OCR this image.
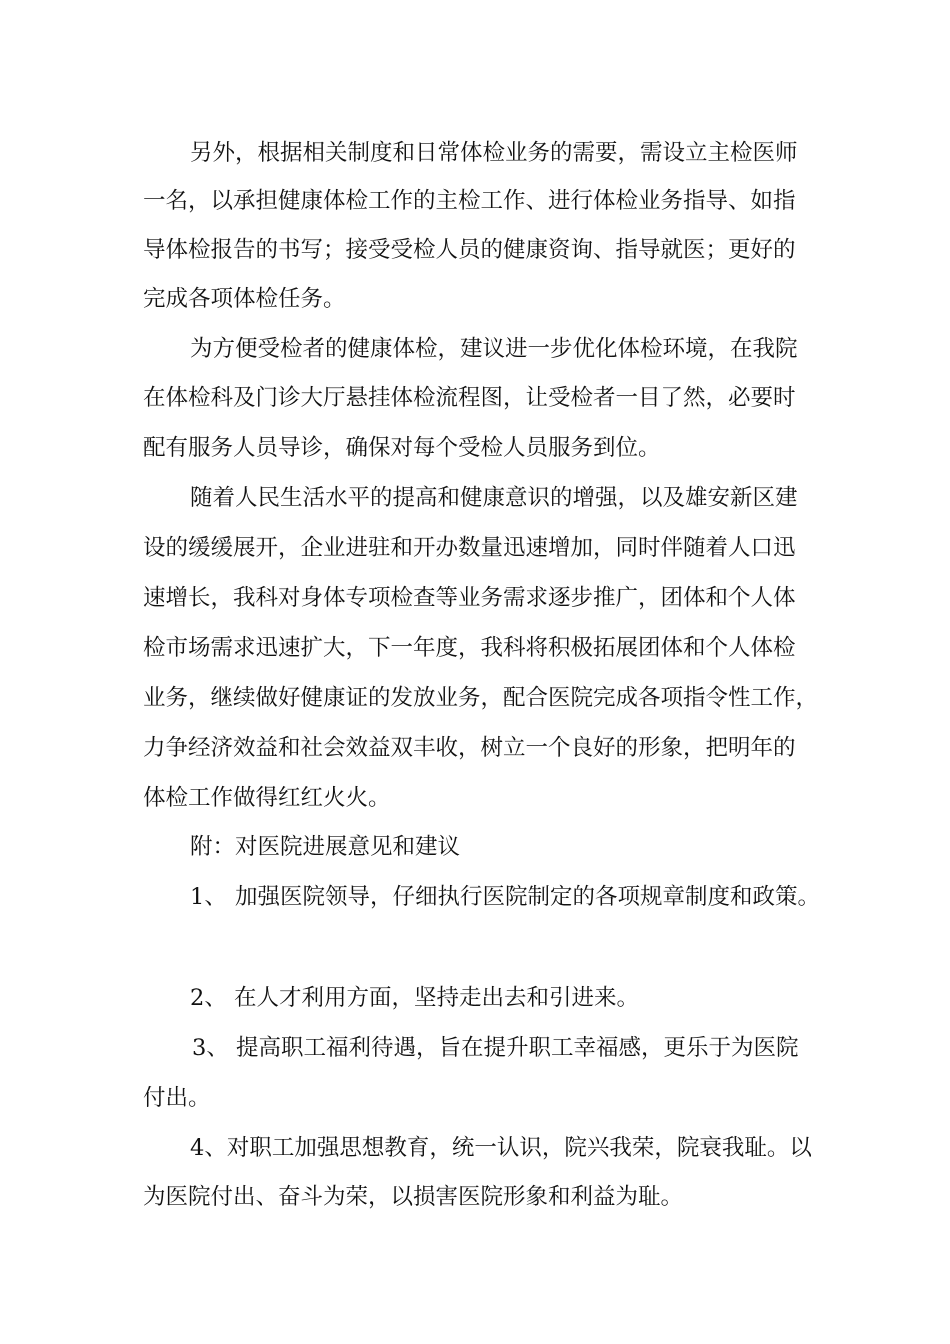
另外，根据相关制度和日常体检业务的需要，需设立主检医师
一名，以承担健康体检工作的主检工作、进行体检业务指导、如指
导体检报告的书写；接受受检人员的健康资询、指导就医；更好的
完成各项体检任务。
为方便受检者的健康体检，建议进一步优化体检环境，在我院
在体检科及门诊大厅悬挂体检流程图，让受检者一目了然，必要时
配有服务人员导诊，确保对每个受检人员服务到位。
随着人民生活水平的提高和健康意识的增强，以及雄安新区建
设的缓缓展开，企业进驻和开办数量迅速增加，同时伴随着人口迅
速增长，我科对身体专项检查等业务需求逐步推广，团体和个人体
检市场需求迅速扩大，下一年度，我科将积极拓展团体和个人体检
业务，继续做好健康证的发放业务，配合医院完成各项指令性工作，
力争经济效益和社会效益双丰收，树立一个良好的形象，把明年的
体检工作做得红红火火。
附：对医院进展意见和建议
1、 加强医院领导，仔细执行医院制定的各项规章制度和政策。
2、 在人才利用方面，坚持走出去和引进来。
3、 提高职工福利待遇，旨在提升职工幸福感，更乐于为医院
付出。
4、对职工加强思想教育，统一认识，院兴我荣，院衰我耻。以
为医院付出、奋斗为荣，以损害医院形象和利益为耻。
